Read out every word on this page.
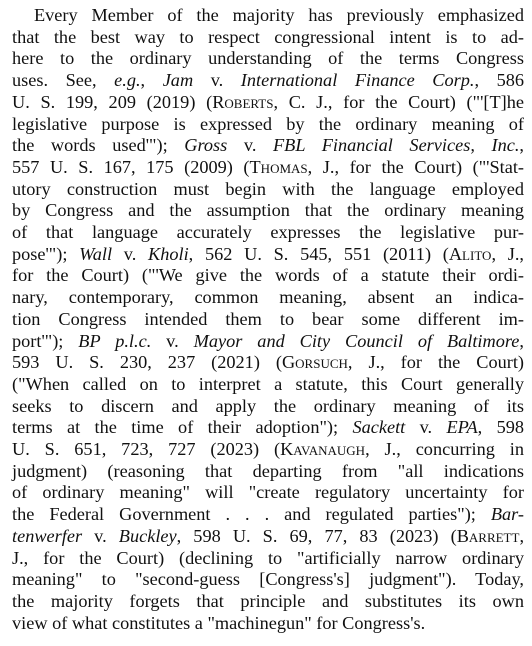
Every Member of the majority has previously emphasized
that the best way to respect congressional intent is to ad-
here to the ordinary understanding of the terms Congress
uses. See, e.g., Jam v. International Finance Corp., 586
U. S. 199, 209 (2019) (Roberts, C. J., for the Court) ("'[T]he
legislative purpose is expressed by the ordinary meaning of
the words used'"); Gross v. FBL Financial Services, Inc.,
557 U. S. 167, 175 (2009) (Thomas, J., for the Court) ("'Stat-
utory construction must begin with the language employed
by Congress and the assumption that the ordinary meaning
of that language accurately expresses the legislative pur-
pose'"); Wall v. Kholi, 562 U. S. 545, 551 (2011) (Alito, J.,
for the Court) ("'We give the words of a statute their ordi-
nary, contemporary, common meaning, absent an indica-
tion Congress intended them to bear some different im-
port'"); BP p.l.c. v. Mayor and City Council of Baltimore,
593 U. S. 230, 237 (2021) (Gorsuch, J., for the Court)
("When called on to interpret a statute, this Court generally
seeks to discern and apply the ordinary meaning of its
terms at the time of their adoption"); Sackett v. EPA, 598
U. S. 651, 723, 727 (2023) (Kavanaugh, J., concurring in
judgment) (reasoning that departing from "all indications
of ordinary meaning" will "create regulatory uncertainty for
the Federal Government . . . and regulated parties"); Bar-
tenwerfer v. Buckley, 598 U. S. 69, 77, 83 (2023) (Barrett,
J., for the Court) (declining to "artificially narrow ordinary
meaning" to "second-guess [Congress's] judgment"). Today,
the majority forgets that principle and substitutes its own
view of what constitutes a "machinegun" for Congress's.
